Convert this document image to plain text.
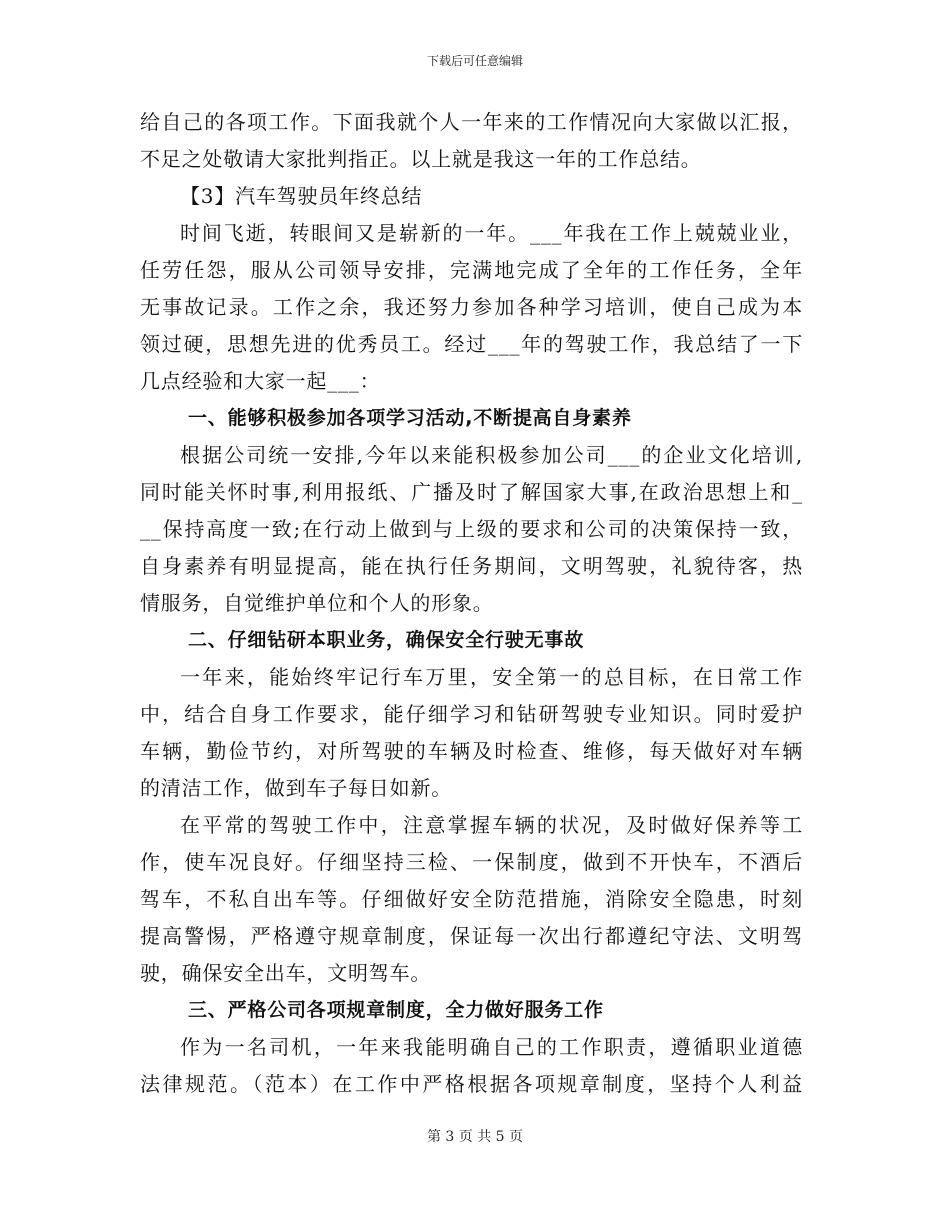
下载后可任意编辑
给自己的各项工作。下面我就个人一年来的工作情况向大家做以汇报，
不足之处敬请大家批判指正。以上就是我这一年的工作总结。
【3】汽车驾驶员年终总结
时间飞逝，转眼间又是崭新的一年。___年我在工作上兢兢业业，
任劳任怨，服从公司领导安排，完满地完成了全年的工作任务，全年
无事故记录。工作之余，我还努力参加各种学习培训，使自己成为本
领过硬，思想先进的优秀员工。经过___年的驾驶工作，我总结了一下
几点经验和大家一起___：
一、能够积极参加各项学习活动,不断提高自身素养
根据公司统一安排,今年以来能积极参加公司___的企业文化培训,
同时能关怀时事,利用报纸、广播及时了解国家大事,在政治思想上和_
__保持高度一致;在行动上做到与上级的要求和公司的决策保持一致，
自身素养有明显提高，能在执行任务期间，文明驾驶，礼貌待客，热
情服务，自觉维护单位和个人的形象。
二、仔细钻研本职业务，确保安全行驶无事故
一年来，能始终牢记行车万里，安全第一的总目标，在日常工作
中，结合自身工作要求，能仔细学习和钻研驾驶专业知识。同时爱护
车辆，勤俭节约，对所驾驶的车辆及时检查、维修，每天做好对车辆
的清洁工作，做到车子每日如新。
在平常的驾驶工作中，注意掌握车辆的状况，及时做好保养等工
作，使车况良好。仔细坚持三检、一保制度，做到不开快车，不酒后
驾车，不私自出车等。仔细做好安全防范措施，消除安全隐患，时刻
提高警惕，严格遵守规章制度，保证每一次出行都遵纪守法、文明驾
驶，确保安全出车，文明驾车。
三、严格公司各项规章制度，全力做好服务工作
作为一名司机，一年来我能明确自己的工作职责，遵循职业道德
法律规范。（范本）在工作中严格根据各项规章制度，坚持个人利益
第 3 页 共 5 页
